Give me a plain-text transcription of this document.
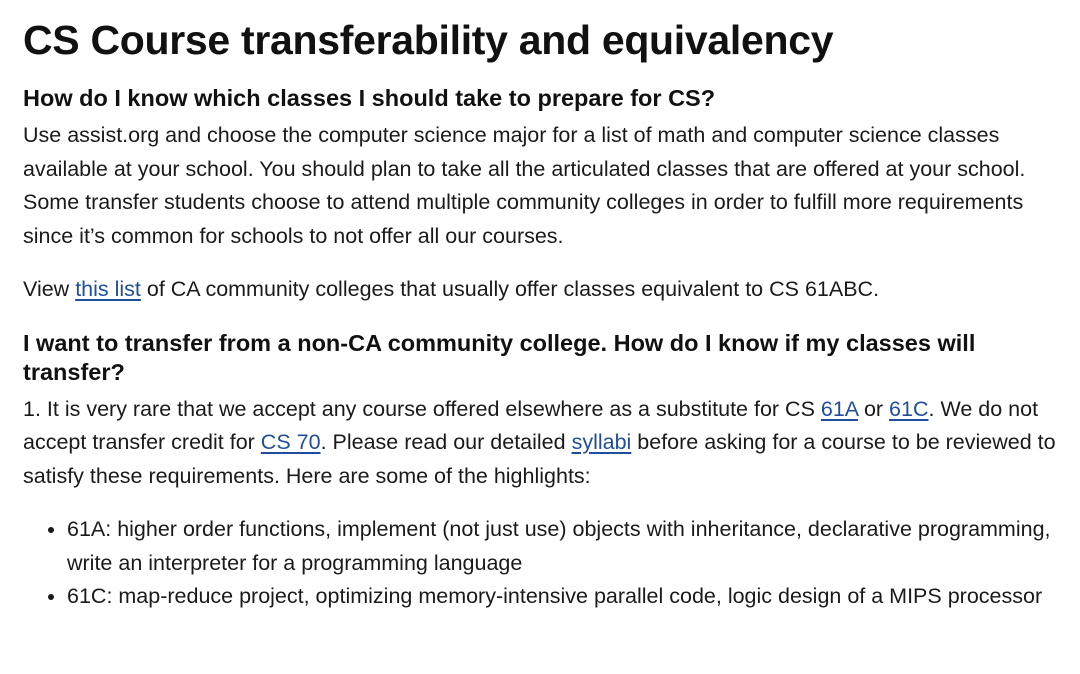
CS Course transferability and equivalency
How do I know which classes I should take to prepare for CS?

Use assist.org and choose the computer science major for a list of math and computer science classes available at your school. You should plan to take all the articulated classes that are offered at your school. Some transfer students choose to attend multiple community colleges in order to fulfill more requirements since it’s common for schools to not offer all our courses.

View this list of CA community colleges that usually offer classes equivalent to CS 61ABC.

I want to transfer from a non-CA community college. How do I know if my classes will transfer?

1. It is very rare that we accept any course offered elsewhere as a substitute for CS 61A or 61C. We do not accept transfer credit for CS 70. Please read our detailed syllabi before asking for a course to be reviewed to satisfy these requirements. Here are some of the highlights:

• 61A: higher order functions, implement (not just use) objects with inheritance, declarative programming, write an interpreter for a programming language
• 61C: map-reduce project, optimizing memory-intensive parallel code, logic design of a MIPS processor
